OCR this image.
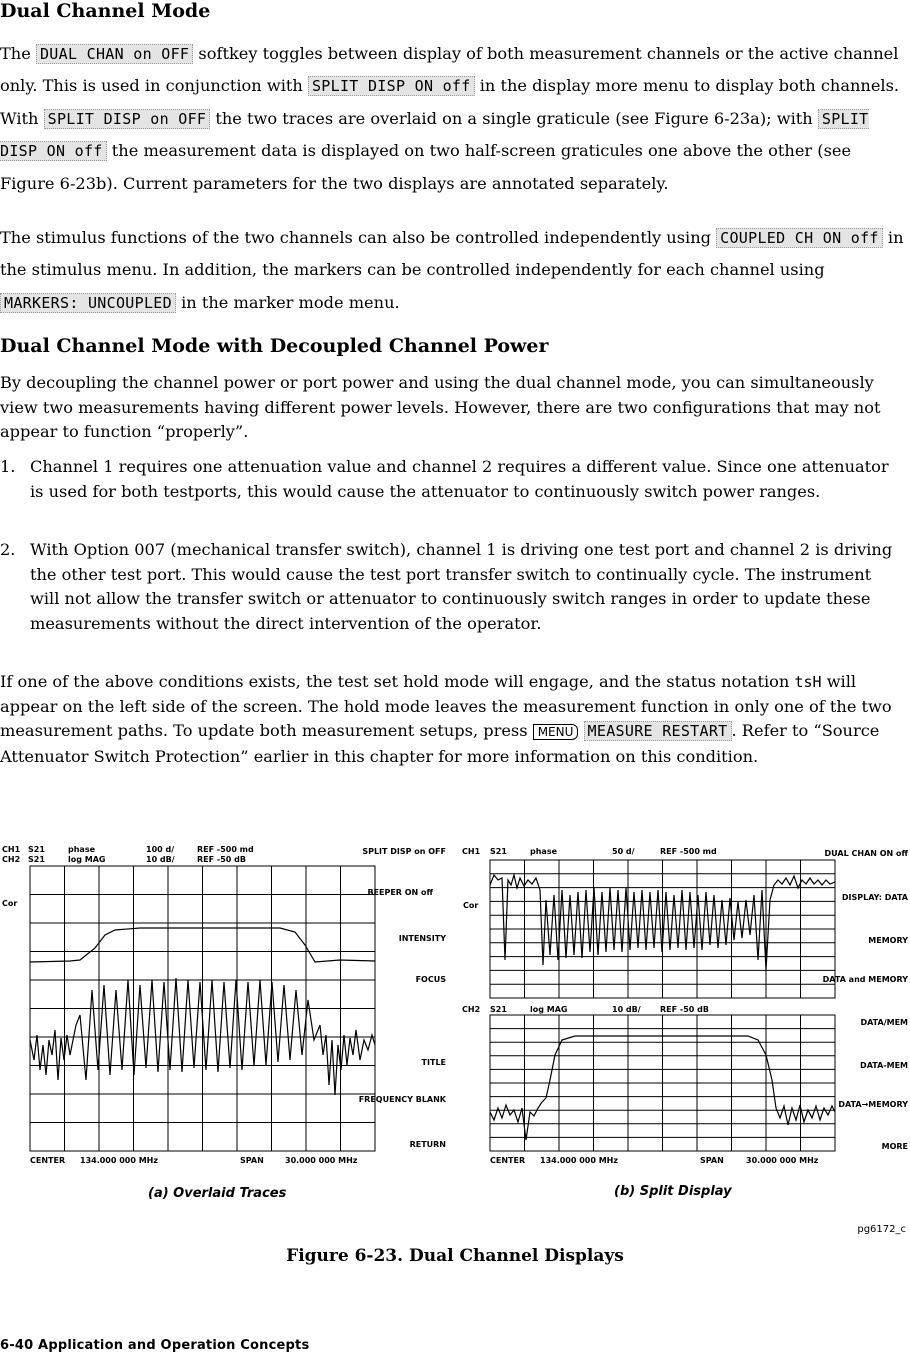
Dual Channel Mode

The DUAL CHAN on OFF softkey toggles between display of both measurement channels or the active channel only. This is used in conjunction with SPLIT DISP ON off in the display more menu to display both channels. With SPLIT DISP on OFF the two traces are overlaid on a single graticule (see Figure 6-23a); with SPLIT DISP ON off the measurement data is displayed on two half-screen graticules one above the other (see Figure 6-23b). Current parameters for the two displays are annotated separately.

The stimulus functions of the two channels can also be controlled independently using COUPLED CH ON off in the stimulus menu. In addition, the markers can be controlled independently for each channel using MARKERS: UNCOUPLED in the marker mode menu.

Dual Channel Mode with Decoupled Channel Power

By decoupling the channel power or port power and using the dual channel mode, you can simultaneously view two measurements having different power levels. However, there are two configurations that may not appear to function “properly”.

1. Channel 1 requires one attenuation value and channel 2 requires a different value. Since one attenuator is used for both testports, this would cause the attenuator to continuously switch power ranges.
2. With Option 007 (mechanical transfer switch), channel 1 is driving one test port and channel 2 is driving the other test port. This would cause the test port transfer switch to continually cycle. The instrument will not allow the transfer switch or attenuator to continuously switch ranges in order to update these measurements without the direct intervention of the operator.

If one of the above conditions exists, the test set hold mode will engage, and the status notation tsH will appear on the left side of the screen. The hold mode leaves the measurement function in only one of the two measurement paths. To update both measurement setups, press MENU MEASURE RESTART . Refer to “Source Attenuator Switch Protection” earlier in this chapter for more information on this condition.

CH1 S21	phase	100 d/	REF -500 md
CH2 S21	log MAG	10 dB/	REF -50 dB
Cor
CENTER 134.000 000 MHz	SPAN	30.000 000 MHz
SPLIT DISP on OFF
BEEPER ON off
INTENSITY
FOCUS
TITLE
FREQUENCY BLANK
RETURN
CH1 S21	phase	50 d/	REF -500 md
Cor
CH2 S21	log MAG	10 dB/ REF -50 dB
CENTER 134.000 000 MHz	SPAN	30.000 000 MHz
DUAL CHAN ON off
DISPLAY: DATA
MEMORY
DATA and MEMORY
DATA/MEM
DATA-MEM
DATA→MEMORY
MORE
(a) Overlaid Traces	(b) Split Display
pg6172_c
Figure 6-23. Dual Channel Displays
6-40 Application and Operation Concepts
